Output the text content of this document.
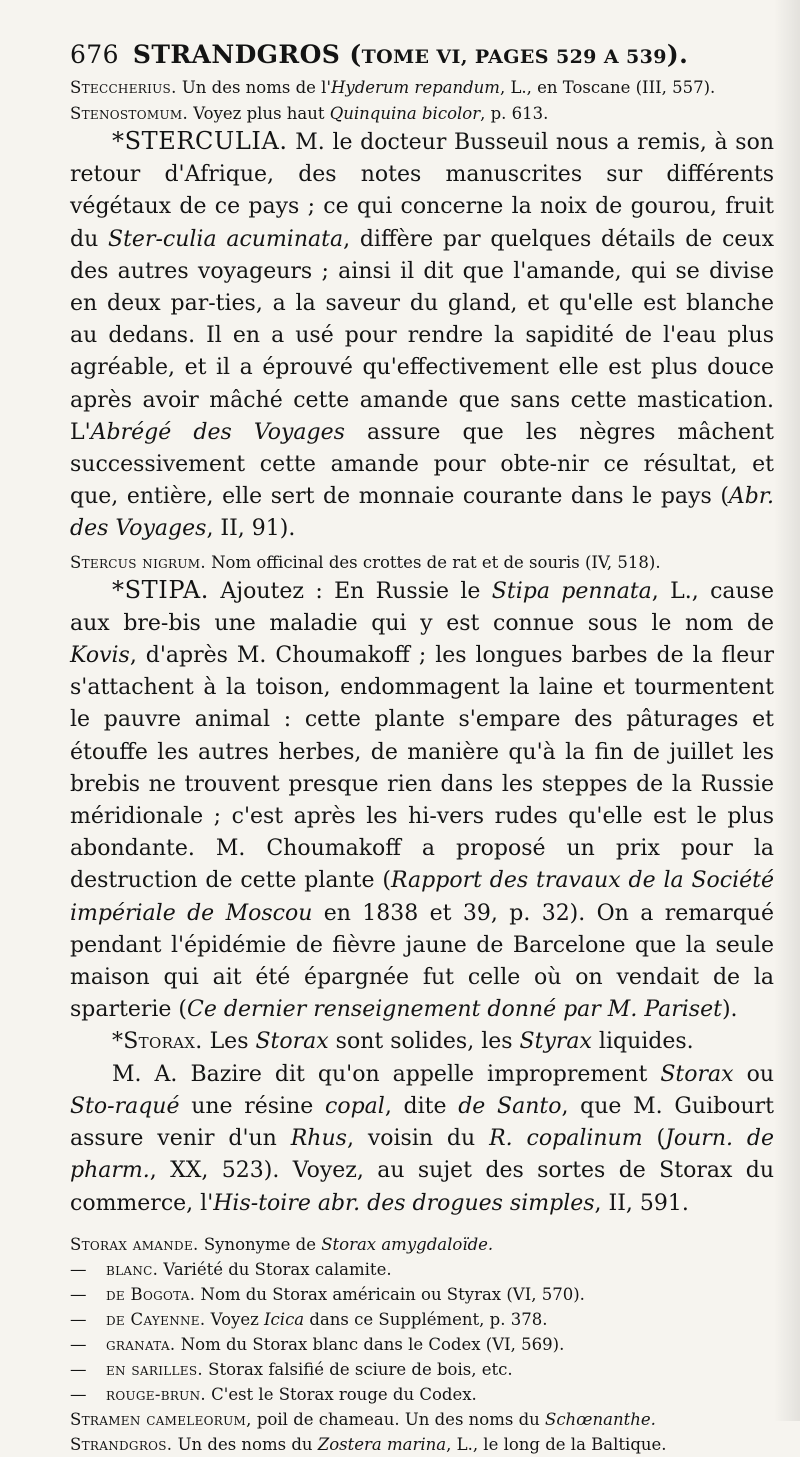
676 STRANDGROS (TOME VI, PAGES 529 A 539).

Steccherius. Un des noms de l'Hyderum repandum, L., en Toscane (III, 557).

Stenostomum. Voyez plus haut Quinquina bicolor, p. 613.

*STERCULIA. M. le docteur Busseuil nous a remis, à son retour d'Afrique, des notes manuscrites sur différents végétaux de ce pays ; ce qui concerne la noix de gourou, fruit du Ster-culia acuminata, diffère par quelques détails de ceux des autres voyageurs ; ainsi il dit que l'amande, qui se divise en deux par-ties, a la saveur du gland, et qu'elle est blanche au dedans. Il en a usé pour rendre la sapidité de l'eau plus agréable, et il a éprouvé qu'effectivement elle est plus douce après avoir mâché cette amande que sans cette mastication. L'Abrégé des Voyages assure que les nègres mâchent successivement cette amande pour obte-nir ce résultat, et que, entière, elle sert de monnaie courante dans le pays (Abr. des Voyages, II, 91).

Stercus nigrum. Nom officinal des crottes de rat et de souris (IV, 518).

*STIPA. Ajoutez : En Russie le Stipa pennata, L., cause aux bre-bis une maladie qui y est connue sous le nom de Kovis, d'après M. Choumakoff ; les longues barbes de la fleur s'attachent à la toison, endommagent la laine et tourmentent le pauvre animal : cette plante s'empare des pâturages et étouffe les autres herbes, de manière qu'à la fin de juillet les brebis ne trouvent presque rien dans les steppes de la Russie méridionale ; c'est après les hi-vers rudes qu'elle est le plus abondante. M. Choumakoff a proposé un prix pour la destruction de cette plante (Rapport des travaux de la Société impériale de Moscou en 1838 et 39, p. 32). On a remarqué pendant l'épidémie de fièvre jaune de Barcelone que la seule maison qui ait été épargnée fut celle où on vendait de la sparterie (Ce dernier renseignement donné par M. Pariset).

*Storax. Les Storax sont solides, les Styrax liquides.

M. A. Bazire dit qu'on appelle improprement Storax ou Sto-raqué une résine copal, dite de Santo, que M. Guibourt assure venir d'un Rhus, voisin du R. copalinum (Journ. de pharm., XX, 523). Voyez, au sujet des sortes de Storax du commerce, l'His-toire abr. des drogues simples, II, 591.

Storax amande. Synonyme de Storax amygdaloïde.
— blanc. Variété du Storax calamite.
— de Bogota. Nom du Storax américain ou Styrax (VI, 570).
— de Cayenne. Voyez Icica dans ce Supplément, p. 378.
— granata. Nom du Storax blanc dans le Codex (VI, 569).
— en sarilles. Storax falsifié de sciure de bois, etc.
— rouge-brun. C'est le Storax rouge du Codex.
Stramen cameleorum, poil de chameau. Un des noms du Schœnanthe.
Strandgros. Un des noms du Zostera marina, L., le long de la Baltique.
